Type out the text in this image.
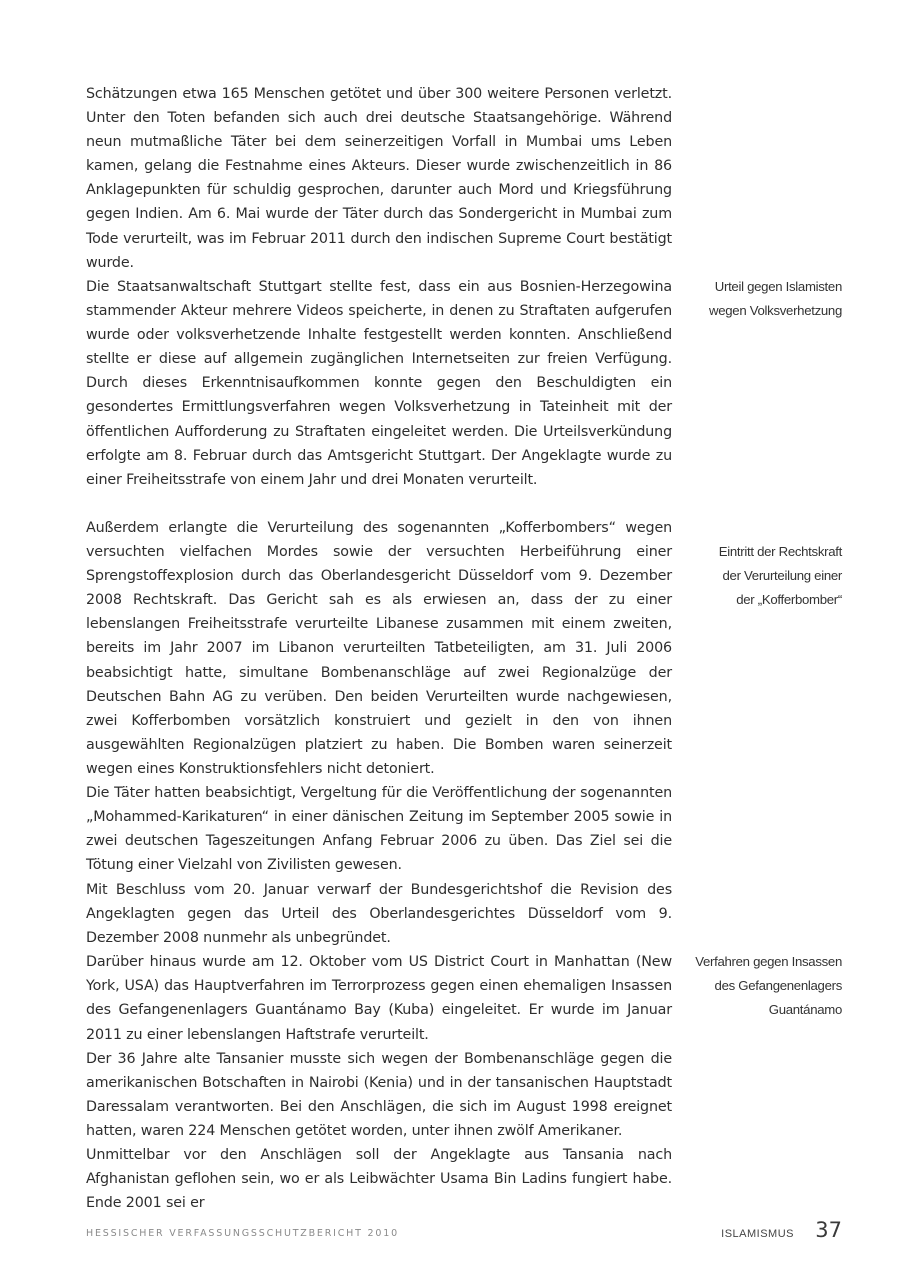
Schätzungen etwa 165 Menschen getötet und über 300 weitere Personen verletzt. Unter den Toten befanden sich auch drei deutsche Staatsangehörige. Während neun mutmaßliche Täter bei dem seinerzeitigen Vorfall in Mumbai ums Leben kamen, gelang die Festnahme eines Akteurs. Dieser wurde zwischenzeitlich in 86 Anklagepunkten für schuldig gesprochen, darunter auch Mord und Kriegsführung gegen Indien. Am 6. Mai wurde der Täter durch das Sondergericht in Mumbai zum Tode verurteilt, was im Februar 2011 durch den indischen Supreme Court bestätigt wurde.

Die Staatsanwaltschaft Stuttgart stellte fest, dass ein aus Bosnien-Herzegowina stammender Akteur mehrere Videos speicherte, in denen zu Straftaten aufgerufen wurde oder volksverhetzende Inhalte festgestellt werden konnten. Anschließend stellte er diese auf allgemein zugänglichen Internetseiten zur freien Verfügung. Durch dieses Erkenntnisaufkommen konnte gegen den Beschuldigten ein gesondertes Ermittlungsverfahren wegen Volksverhetzung in Tateinheit mit der öffentlichen Aufforderung zu Straftaten eingeleitet werden. Die Urteilsverkündung erfolgte am 8. Februar durch das Amtsgericht Stuttgart. Der Angeklagte wurde zu einer Freiheitsstrafe von einem Jahr und drei Monaten verurteilt.

Außerdem erlangte die Verurteilung des sogenannten „Kofferbombers“ wegen versuchten vielfachen Mordes sowie der versuchten Herbeiführung einer Sprengstoffexplosion durch das Oberlandesgericht Düsseldorf vom 9. Dezember 2008 Rechtskraft. Das Gericht sah es als erwiesen an, dass der zu einer lebenslangen Freiheitsstrafe verurteilte Libanese zusammen mit einem zweiten, bereits im Jahr 2007 im Libanon verurteilten Tatbeteiligten, am 31. Juli 2006 beabsichtigt hatte, simultane Bombenanschläge auf zwei Regionalzüge der Deutschen Bahn AG zu verüben. Den beiden Verurteilten wurde nachgewiesen, zwei Kofferbomben vorsätzlich konstruiert und gezielt in den von ihnen ausgewählten Regionalzügen platziert zu haben. Die Bomben waren seinerzeit wegen eines Konstruktionsfehlers nicht detoniert.

Die Täter hatten beabsichtigt, Vergeltung für die Veröffentlichung der sogenannten „Mohammed-Karikaturen“ in einer dänischen Zeitung im September 2005 sowie in zwei deutschen Tageszeitungen Anfang Februar 2006 zu üben. Das Ziel sei die Tötung einer Vielzahl von Zivilisten gewesen.

Mit Beschluss vom 20. Januar verwarf der Bundesgerichtshof die Revision des Angeklagten gegen das Urteil des Oberlandesgerichtes Düsseldorf vom 9. Dezember 2008 nunmehr als unbegründet.

Darüber hinaus wurde am 12. Oktober vom US District Court in Manhattan (New York, USA) das Hauptverfahren im Terrorprozess gegen einen ehemaligen Insassen des Gefangenenlagers Guantánamo Bay (Kuba) eingeleitet. Er wurde im Januar 2011 zu einer lebenslangen Haftstrafe verurteilt.

Der 36 Jahre alte Tansanier musste sich wegen der Bombenanschläge gegen die amerikanischen Botschaften in Nairobi (Kenia) und in der tansanischen Hauptstadt Daressalam verantworten. Bei den Anschlägen, die sich im August 1998 ereignet hatten, waren 224 Menschen getötet worden, unter ihnen zwölf Amerikaner.

Unmittelbar vor den Anschlägen soll der Angeklagte aus Tansania nach Afghanistan geflohen sein, wo er als Leibwächter Usama Bin Ladins fungiert habe. Ende 2001 sei er

Urteil gegen Islamisten
wegen Volksverhetzung
Eintritt der Rechtskraft
der Verurteilung einer
der „Kofferbomber“
Verfahren gegen Insassen
des Gefangenenlagers
Guantánamo
HESSISCHER VERFASSUNGSSCHUTZBERICHT 2010	ISLAMISMUS 37
